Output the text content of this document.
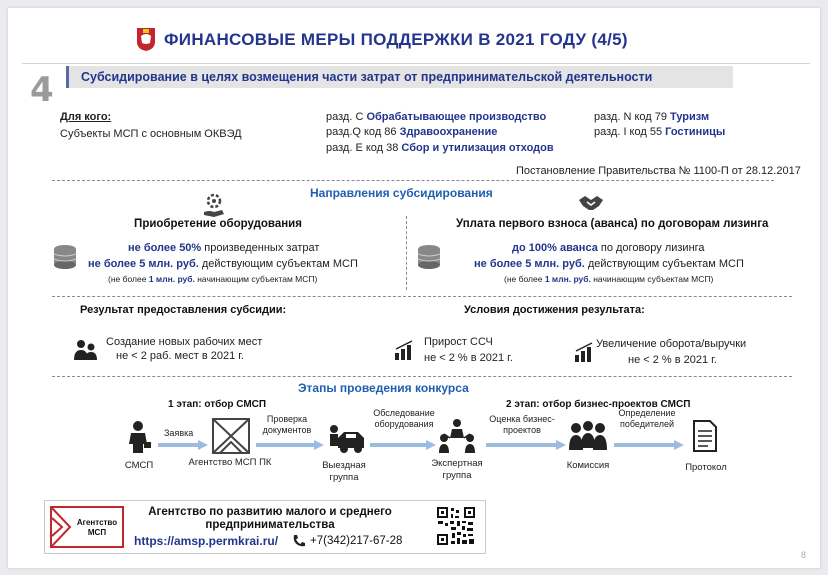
ФИНАНСОВЫЕ МЕРЫ ПОДДЕРЖКИ В 2021 ГОДУ (4/5)
4 Субсидирование в целях возмещения части затрат от предпринимательской деятельности
Для кого:
Субъекты МСП с основным ОКВЭД
разд. С Обрабатывающее производство
разд.Q код 86 Здравоохранение
разд. Е код 38 Сбор и утилизация отходов
разд. N код 79 Туризм
разд. I код 55 Гостиницы
Постановление Правительства № 1100-П от 28.12.2017
Направления субсидирования
Приобретение оборудования
не более 50% произведенных затрат
не более 5 млн. руб. действующим субъектам МСП
(не более 1 млн. руб. начинающим субъектам МСП)
Уплата первого взноса (аванса) по договорам лизинга
до 100% аванса по договору лизинга
не более 5 млн. руб. действующим субъектам МСП
(не более 1 млн. руб. начинающим субъектам МСП)
Результат предоставления субсидии:	Условия достижения результата:
Создание новых рабочих мест
не < 2 раб. мест в 2021 г.
Прирост ССЧ
не < 2 % в 2021 г.
Увеличение оборота/выручки
не < 2 % в 2021 г.
Этапы проведения конкурса
1 этап: отбор СМСП	2 этап: отбор бизнес-проектов СМСП
СМСП
Заявка
Агентство МСП ПК
Проверка документов
Выездная группа
Обследование оборудования
Экспертная группа
Оценка бизнес-проектов
Комиссия
Определение победителей
Протокол
Агентство МСП
Агентство по развитию малого и среднего предпринимательства
https://amsp.permkrai.ru/	+7(342)217-67-28
8
